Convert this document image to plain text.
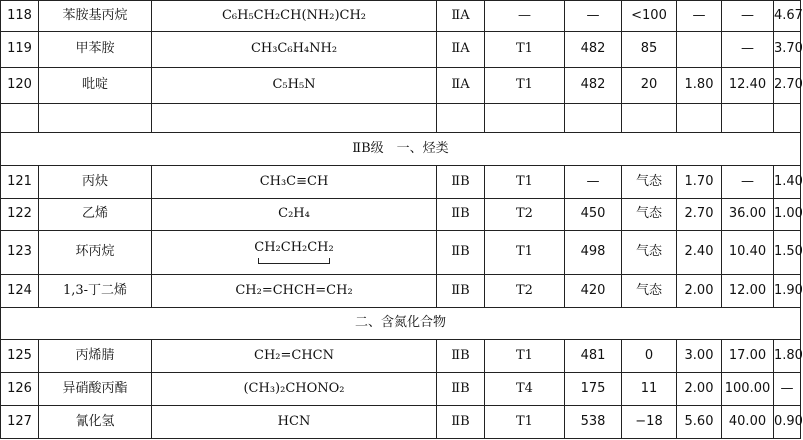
118	苯胺基丙烷	C₆H₅CH₂CH(NH₂)CH₂	ⅡA	—	—	<100	—	—	4.67
119	甲苯胺	CH₃C₆H₄NH₂	ⅡA	T1	482	85		—	3.70
120	吡啶	C₅H₅N	ⅡA	T1	482	20	1.80	12.40	2.70

ⅡB级　一、烃类									
121	丙炔	CH₃C≡CH	ⅡB	T1	—	气态	1.70	—	1.40
122	乙烯	C₂H₄	ⅡB	T2	450	气态	2.70	36.00	1.00
123	环丙烷	CH₂CH₂CH₂	ⅡB	T1	498	气态	2.40	10.40	1.50
124	1,3-丁二烯	CH₂=CHCH=CH₂	ⅡB	T2	420	气态	2.00	12.00	1.90
二、含氮化合物									
125	丙烯腈	CH₂=CHCN	ⅡB	T1	481	0	3.00	17.00	1.80
126	异硝酸丙酯	(CH₃)₂CHONO₂	ⅡB	T4	175	11	2.00	100.00	—
127	氰化氢	HCN	ⅡB	T1	538	−18	5.60	40.00	0.90
